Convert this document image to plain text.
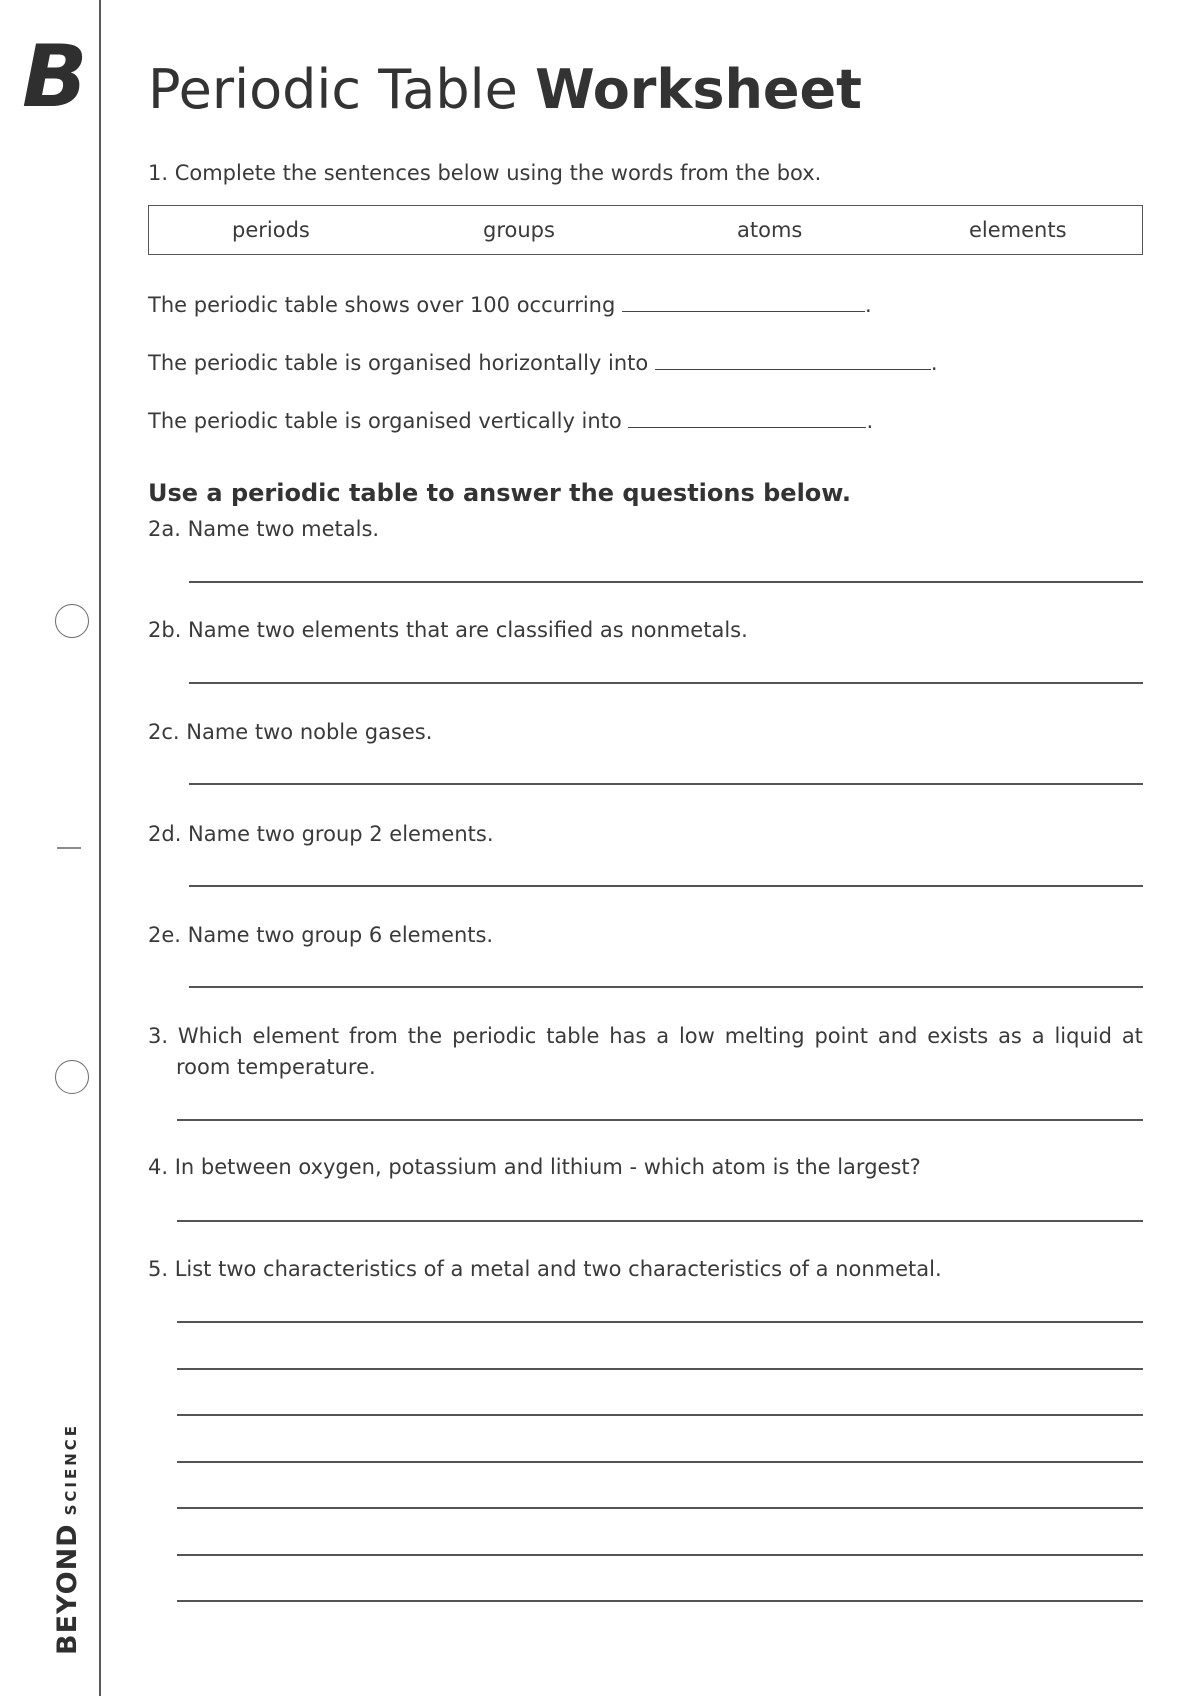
B
BEYONDSCIENCE
Periodic Table Worksheet
1. Complete the sentences below using the words from the box.
periods	groups	atoms	elements
The periodic table shows over 100 occurring	.
The periodic table is organised horizontally into	.
The periodic table is organised vertically into	.
Use a periodic table to answer the questions below.
2a. Name two metals.
2b. Name two elements that are classified as nonmetals.
2c. Name two noble gases.
2d. Name two group 2 elements.
2e. Name two group 6 elements.
3. Which element from the periodic table has a low melting point and exists as a liquid at
room temperature.
4. In between oxygen, potassium and lithium - which atom is the largest?
5. List two characteristics of a metal and two characteristics of a nonmetal.
